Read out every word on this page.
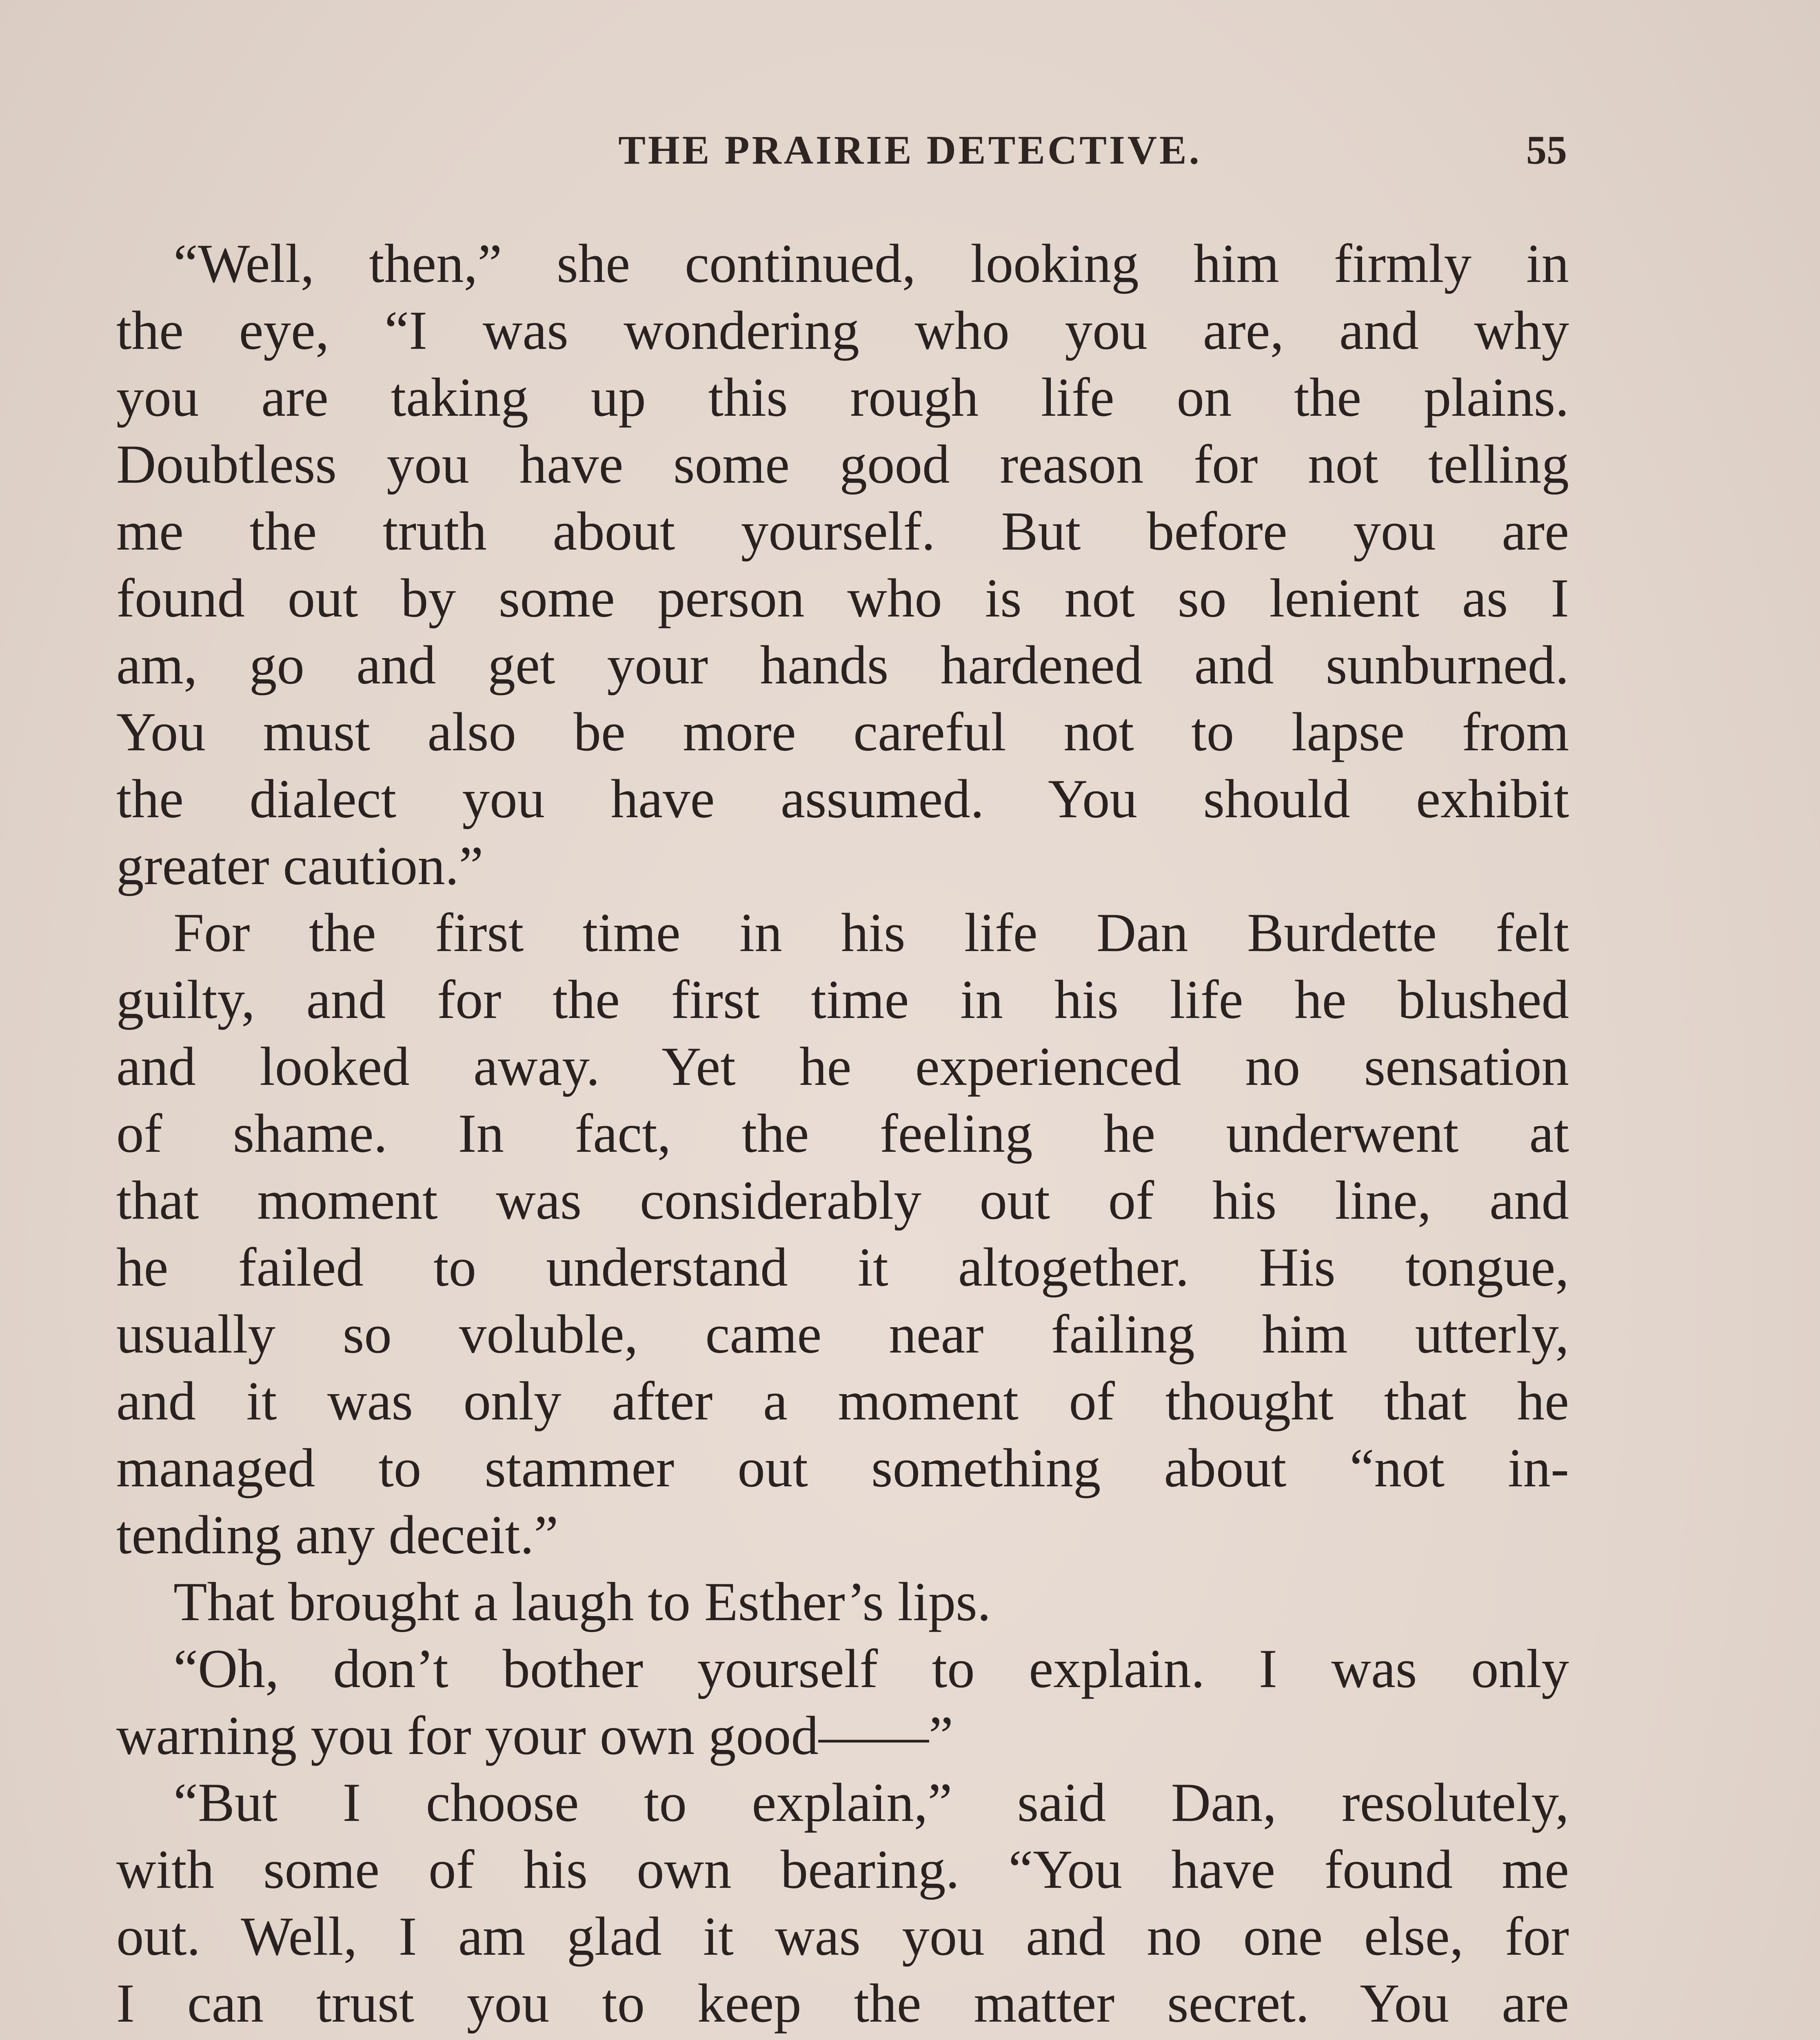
THE PRAIRIE DETECTIVE.	55
“Well, then,” she continued, looking him firmly in
the eye, “I was wondering who you are, and why
you are taking up this rough life on the plains.
Doubtless you have some good reason for not telling
me the truth about yourself. But before you are
found out by some person who is not so lenient as I
am, go and get your hands hardened and sunburned.
You must also be more careful not to lapse from
the dialect you have assumed. You should exhibit
greater caution.”
For the first time in his life Dan Burdette felt
guilty, and for the first time in his life he blushed
and looked away. Yet he experienced no sensation
of shame. In fact, the feeling he underwent at
that moment was considerably out of his line, and
he failed to understand it altogether. His tongue,
usually so voluble, came near failing him utterly,
and it was only after a moment of thought that he
managed to stammer out something about “not in-
tending any deceit.”
That brought a laugh to Esther’s lips.
“Oh, don’t bother yourself to explain. I was only
warning you for your own good——”
“But I choose to explain,” said Dan, resolutely,
with some of his own bearing. “You have found me
out. Well, I am glad it was you and no one else, for
I can trust you to keep the matter secret. You are
